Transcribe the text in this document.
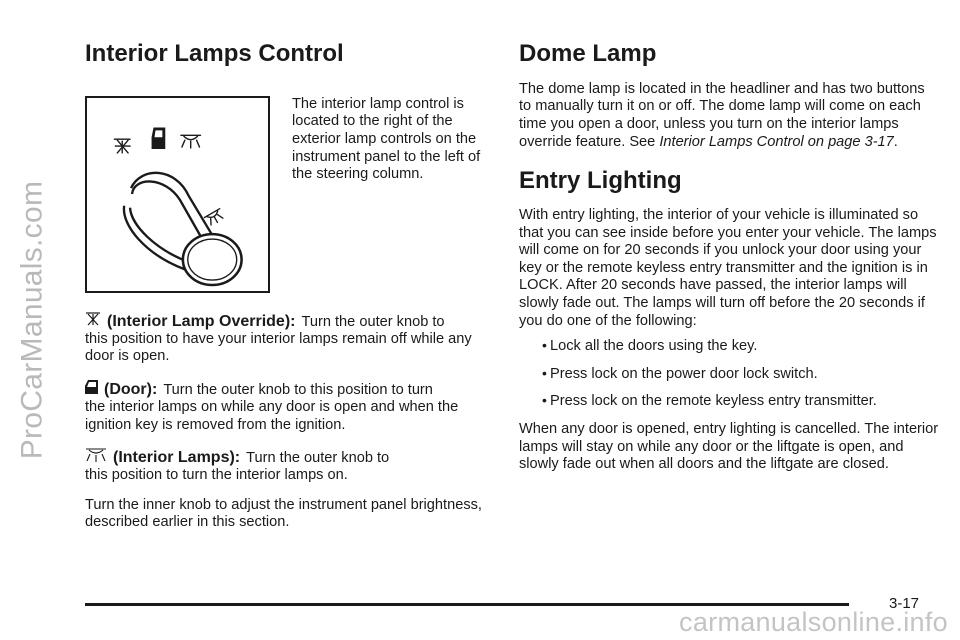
ProCarManuals.com
Interior Lamps Control

The interior lamp control is located to the right of the exterior lamp controls on the instrument panel to the left of the steering column.

(Interior Lamp Override): Turn the outer knob to

this position to have your interior lamps remain off while any door is open.

(Door): Turn the outer knob to this position to turn

the interior lamps on while any door is open and when the ignition key is removed from the ignition.

(Interior Lamps): Turn the outer knob to

this position to turn the interior lamps on.

Turn the inner knob to adjust the instrument panel brightness, described earlier in this section.

Dome Lamp

The dome lamp is located in the headliner and has two buttons to manually turn it on or off. The dome lamp will come on each time you open a door, unless you turn on the interior lamps override feature. See Interior Lamps Control on page 3-17.

Entry Lighting

With entry lighting, the interior of your vehicle is illuminated so that you can see inside before you enter your vehicle. The lamps will come on for 20 seconds if you unlock your door using your key or the remote keyless entry transmitter and the ignition is in LOCK. After 20 seconds have passed, the interior lamps will slowly fade out. The lamps will turn off before the 20 seconds if you do one of the following:

• Lock all the doors using the key.
• Press lock on the power door lock switch.
• Press lock on the remote keyless entry transmitter.

When any door is opened, entry lighting is cancelled. The interior lamps will stay on while any door or the liftgate is open, and slowly fade out when all doors and the liftgate are closed.

3-17
carmanualsonline.info
